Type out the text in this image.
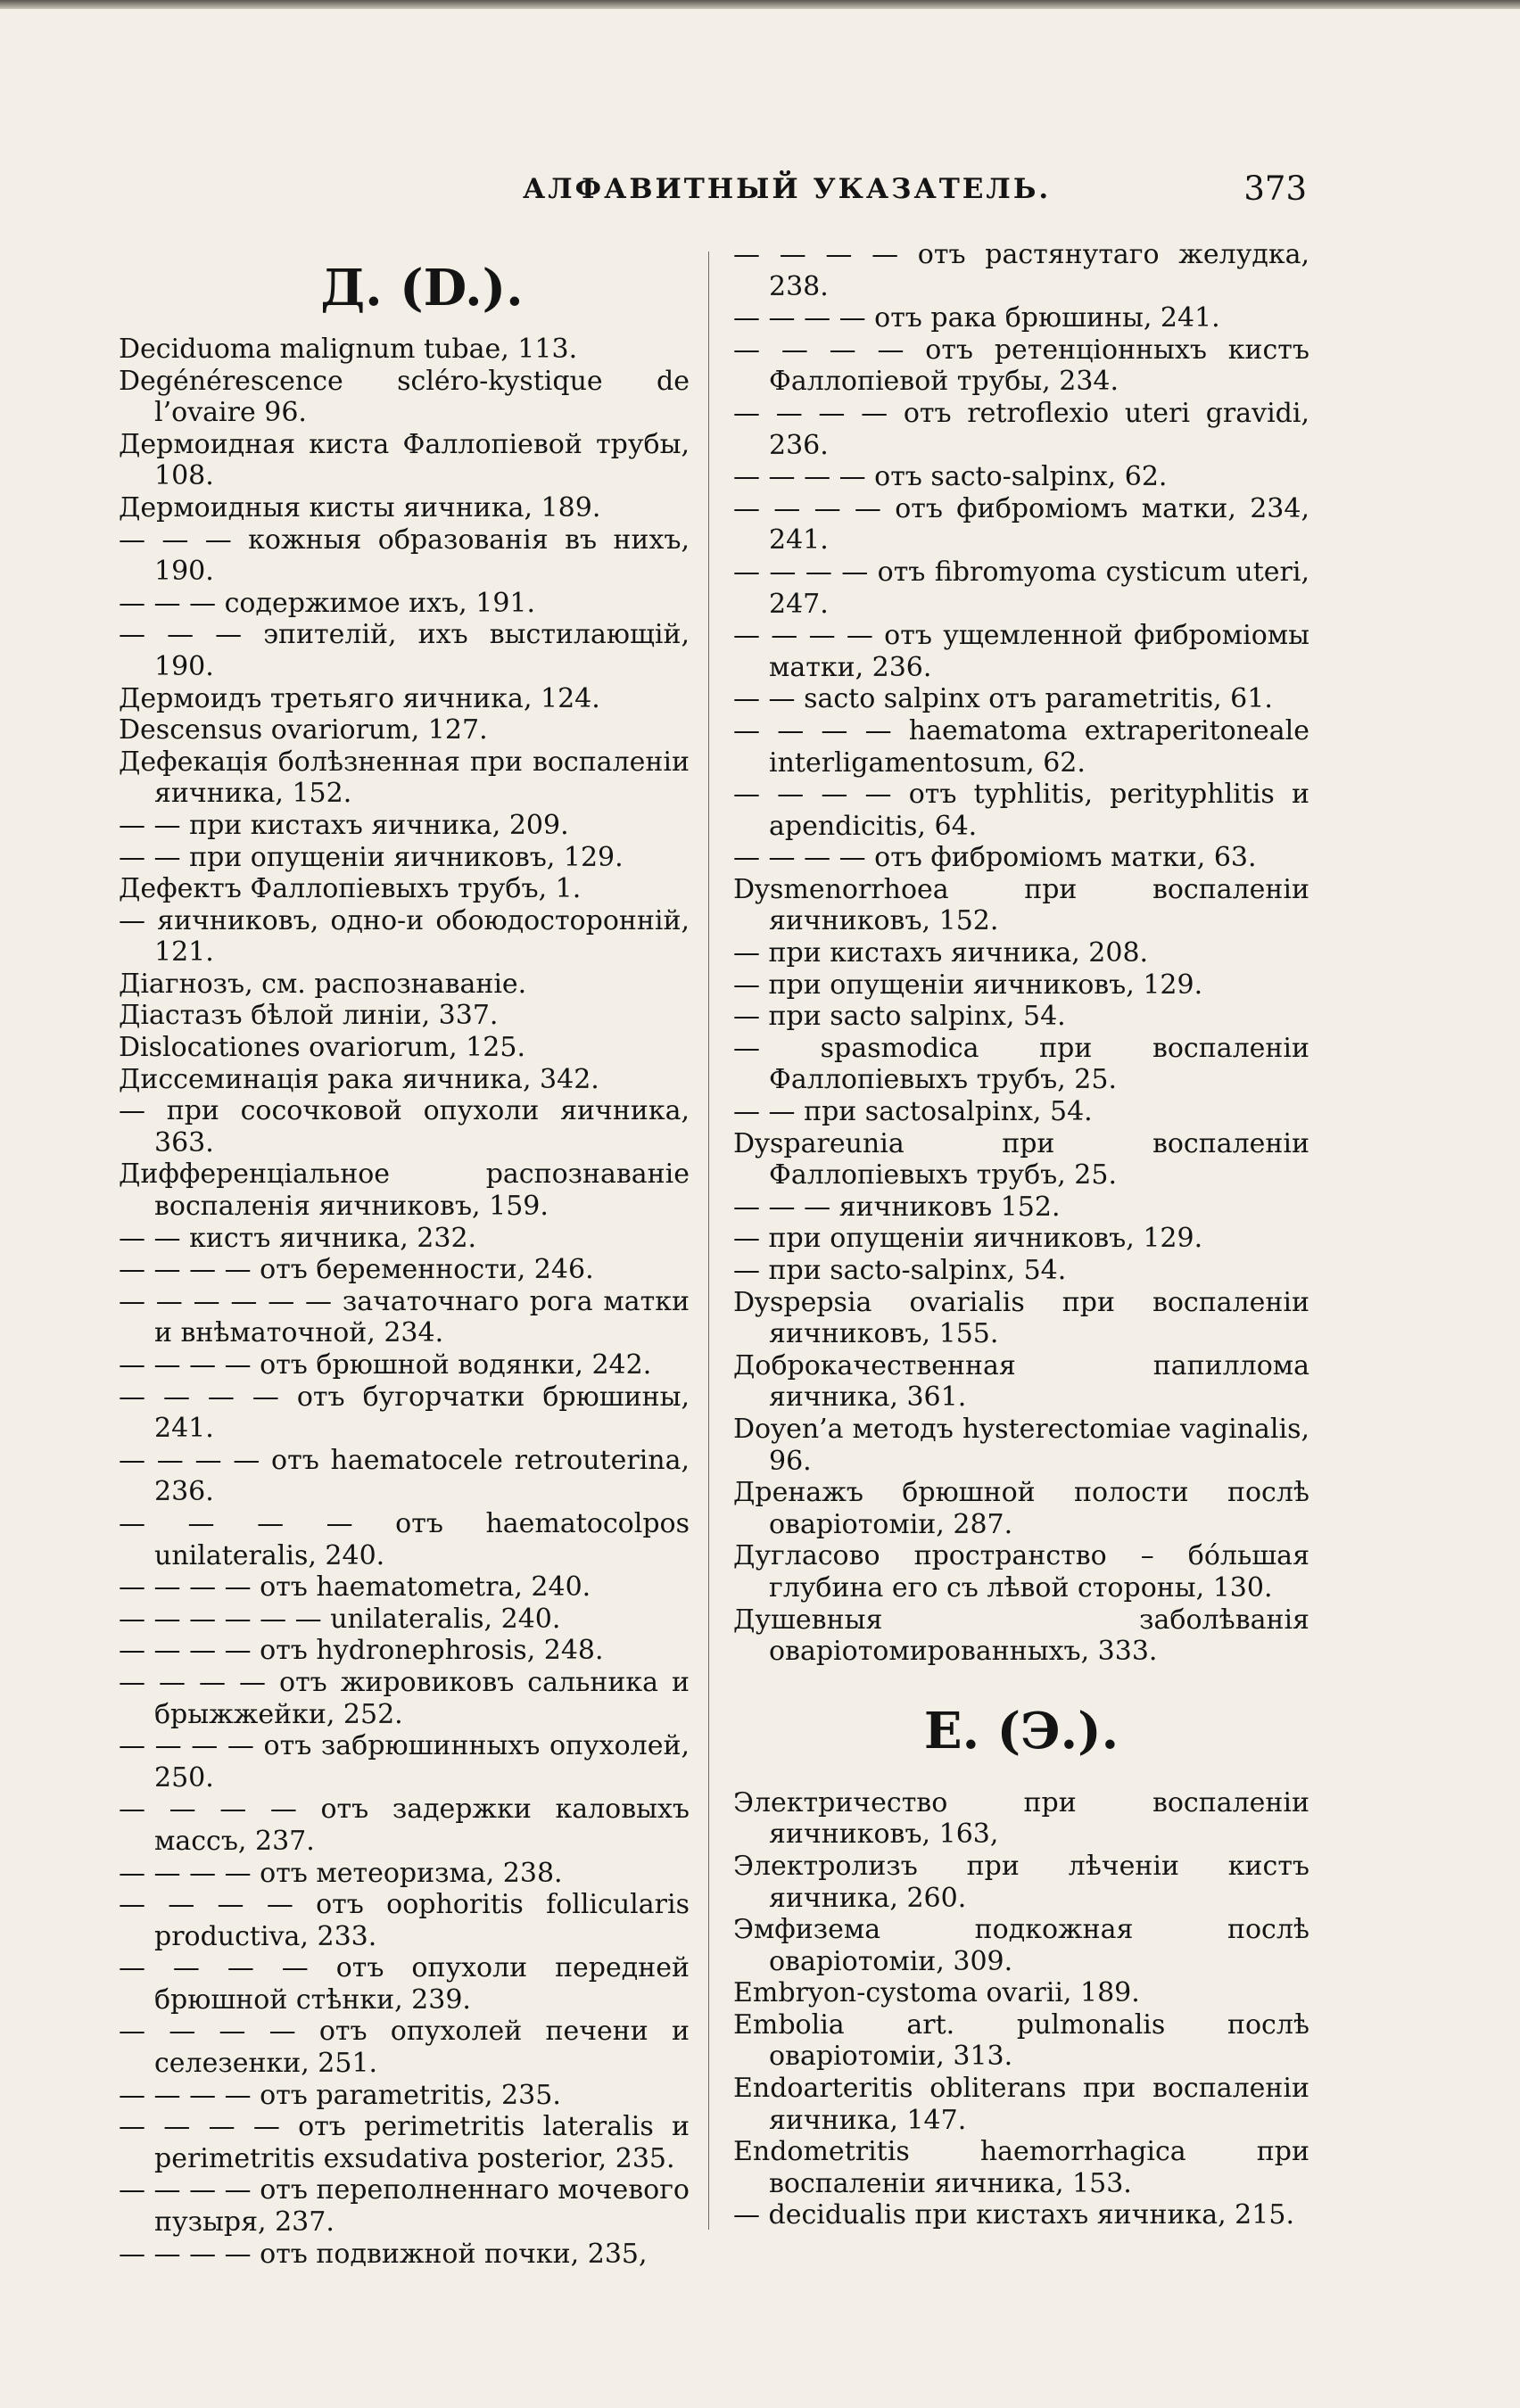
АЛФАВИТНЫЙ УКАЗАТЕЛЬ.	373
Д. (D.).

Deciduoma malignum tubae, 113.

Degénérescence scléro-kystique de l’ovaire 96.

Дермоидная киста Фаллопіевой трубы, 108.

Дермоидныя кисты яичника, 189.

— — — кожныя образованія въ нихъ, 190.

— — — содержимое ихъ, 191.

— — — эпителій, ихъ выстилающій, 190.

Дермоидъ третьяго яичника, 124.

Descensus ovariorum, 127.

Дефекація болѣзненная при воспаленіи яичника, 152.

— — при кистахъ яичника, 209.

— — при опущеніи яичниковъ, 129.

Дефектъ Фаллопіевыхъ трубъ, 1.

— яичниковъ, одно-и обоюдосторонній, 121.

Діагнозъ, см. распознаваніе.

Діастазъ бѣлой линіи, 337.

Dislocationes ovariorum, 125.

Диссеминація рака яичника, 342.

— при сосочковой опухоли яичника, 363.

Дифференціальное распознаваніе воспаленія яичниковъ, 159.

— — кистъ яичника, 232.

— — — — отъ беременности, 246.

— — — — — — зачаточнаго рога матки и внѣматочной, 234.

— — — — отъ брюшной водянки, 242.

— — — — отъ бугорчатки брюшины, 241.

— — — — отъ haematocele retrouterina, 236.

— — — — отъ haematocolpos unilateralis, 240.

— — — — отъ haematometra, 240.

— — — — — — unilateralis, 240.

— — — — отъ hydronephrosis, 248.

— — — — отъ жировиковъ сальника и брыжжейки, 252.

— — — — отъ забрюшинныхъ опухолей, 250.

— — — — отъ задержки каловыхъ массъ, 237.

— — — — отъ метеоризма, 238.

— — — — отъ oophoritis follicularis productiva, 233.

— — — — отъ опухоли передней брюшной стѣнки, 239.

— — — — отъ опухолей печени и селезенки, 251.

— — — — отъ parametritis, 235.

— — — — отъ perimetritis lateralis и perimetritis exsudativa posterior, 235.

— — — — отъ переполненнаго мочевого пузыря, 237.

— — — — отъ подвижной почки, 235,

— — — — отъ растянутаго желудка, 238.

— — — — отъ рака брюшины, 241.

— — — — отъ ретенціонныхъ кистъ Фаллопіевой трубы, 234.

— — — — отъ retroflexio uteri gravidi, 236.

— — — — отъ sacto-salpinx, 62.

— — — — отъ фиброміомъ матки, 234, 241.

— — — — отъ fibromyoma cysticum uteri, 247.

— — — — отъ ущемленной фиброміомы матки, 236.

— — sacto salpinx отъ parametritis, 61.

— — — — haematoma extraperitoneale interligamentosum, 62.

— — — — отъ typhlitis, perityphlitis и apendicitis, 64.

— — — — отъ фиброміомъ матки, 63.

Dysmenorrhoea при воспаленіи яичниковъ, 152.

— при кистахъ яичника, 208.

— при опущеніи яичниковъ, 129.

— при sacto salpinx, 54.

— spasmodica при воспаленіи Фаллопіевыхъ трубъ, 25.

— — при sactosalpinx, 54.

Dyspareunia при воспаленіи Фаллопіевыхъ трубъ, 25.

— — — яичниковъ 152.

— при опущеніи яичниковъ, 129.

— при sacto-salpinx, 54.

Dyspepsia ovarialis при воспаленіи яичниковъ, 155.

Доброкачественная папиллома яичника, 361.

Doyen’a методъ hysterectomiae vaginalis, 96.

Дренажъ брюшной полости послѣ оваріотоміи, 287.

Дугласово пространство – бóльшая глубина его съ лѣвой стороны, 130.

Душевныя заболѣванія оваріотомированныхъ, 333.

Е. (Э.).

Электричество при воспаленіи яичниковъ, 163,

Электролизъ при лѣченіи кистъ яичника, 260.

Эмфизема подкожная послѣ оваріотоміи, 309.

Embryon-cystoma ovarii, 189.

Embolia art. pulmonalis послѣ оваріотоміи, 313.

Endoarteritis obliterans при воспаленіи яичника, 147.

Endometritis haemorrhagica при воспаленіи яичника, 153.

— decidualis при кистахъ яичника, 215.
